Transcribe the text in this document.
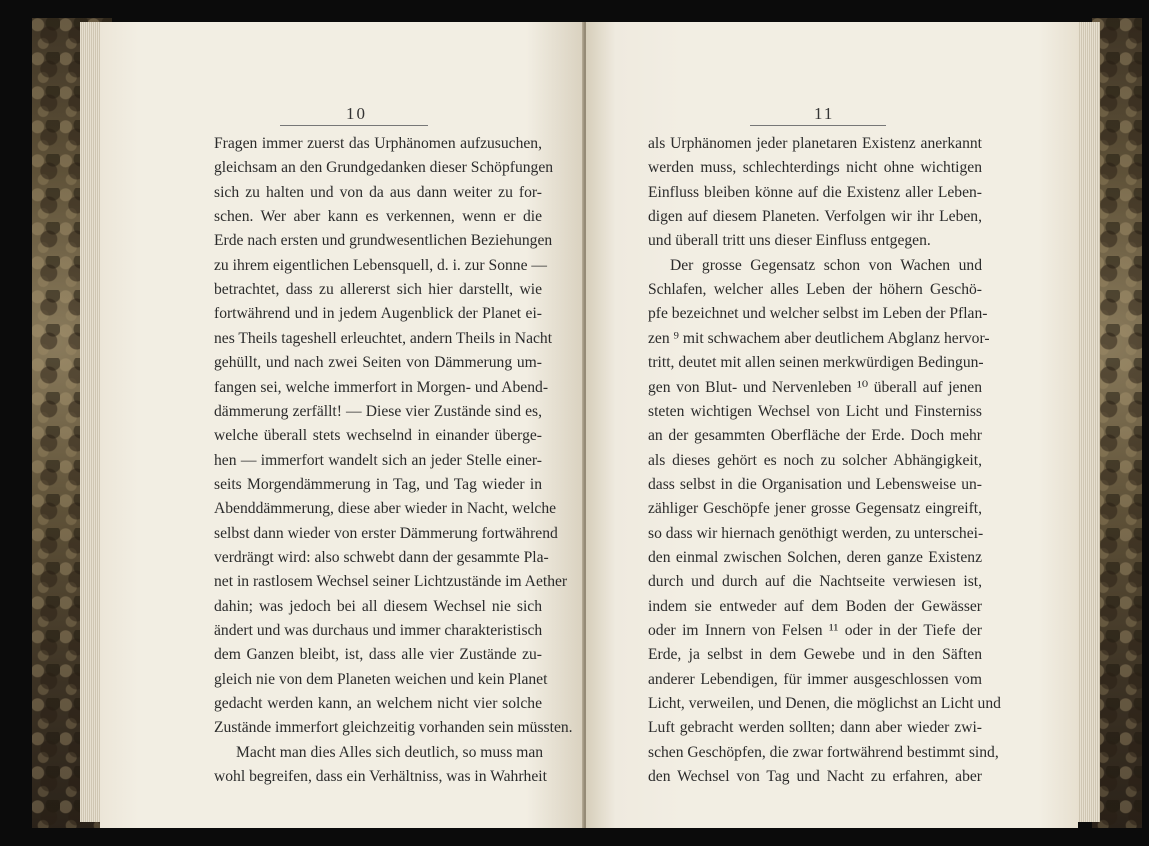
10
Fragen immer zuerst das Urphänomen aufzusuchen,
gleichsam an den Grundgedanken dieser Schöpfungen
sich zu halten und von da aus dann weiter zu for-
schen. Wer aber kann es verkennen, wenn er die
Erde nach ersten und grundwesentlichen Beziehungen
zu ihrem eigentlichen Lebensquell, d. i. zur Sonne —
betrachtet, dass zu allererst sich hier darstellt, wie
fortwährend und in jedem Augenblick der Planet ei-
nes Theils tageshell erleuchtet, andern Theils in Nacht
gehüllt, und nach zwei Seiten von Dämmerung um-
fangen sei, welche immerfort in Morgen- und Abend-
dämmerung zerfällt! — Diese vier Zustände sind es,
welche überall stets wechselnd in einander überge-
hen — immerfort wandelt sich an jeder Stelle einer-
seits Morgendämmerung in Tag, und Tag wieder in
Abenddämmerung, diese aber wieder in Nacht, welche
selbst dann wieder von erster Dämmerung fortwährend
verdrängt wird: also schwebt dann der gesammte Pla-
net in rastlosem Wechsel seiner Lichtzustände im Aether
dahin; was jedoch bei all diesem Wechsel nie sich
ändert und was durchaus und immer charakteristisch
dem Ganzen bleibt, ist, dass alle vier Zustände zu-
gleich nie von dem Planeten weichen und kein Planet
gedacht werden kann, an welchem nicht vier solche
Zustände immerfort gleichzeitig vorhanden sein müssten.
Macht man dies Alles sich deutlich, so muss man
wohl begreifen, dass ein Verhältniss, was in Wahrheit
11
als Urphänomen jeder planetaren Existenz anerkannt
werden muss, schlechterdings nicht ohne wichtigen
Einfluss bleiben könne auf die Existenz aller Leben-
digen auf diesem Planeten. Verfolgen wir ihr Leben,
und überall tritt uns dieser Einfluss entgegen.
Der grosse Gegensatz schon von Wachen und
Schlafen, welcher alles Leben der höhern Geschö-
pfe bezeichnet und welcher selbst im Leben der Pflan-
zen ⁹ mit schwachem aber deutlichem Abglanz hervor-
tritt, deutet mit allen seinen merkwürdigen Bedingun-
gen von Blut- und Nervenleben ¹⁰ überall auf jenen
steten wichtigen Wechsel von Licht und Finsterniss
an der gesammten Oberfläche der Erde. Doch mehr
als dieses gehört es noch zu solcher Abhängigkeit,
dass selbst in die Organisation und Lebensweise un-
zähliger Geschöpfe jener grosse Gegensatz eingreift,
so dass wir hiernach genöthigt werden, zu unterschei-
den einmal zwischen Solchen, deren ganze Existenz
durch und durch auf die Nachtseite verwiesen ist,
indem sie entweder auf dem Boden der Gewässer
oder im Innern von Felsen ¹¹ oder in der Tiefe der
Erde, ja selbst in dem Gewebe und in den Säften
anderer Lebendigen, für immer ausgeschlossen vom
Licht, verweilen, und Denen, die möglichst an Licht und
Luft gebracht werden sollten; dann aber wieder zwi-
schen Geschöpfen, die zwar fortwährend bestimmt sind,
den Wechsel von Tag und Nacht zu erfahren, aber
